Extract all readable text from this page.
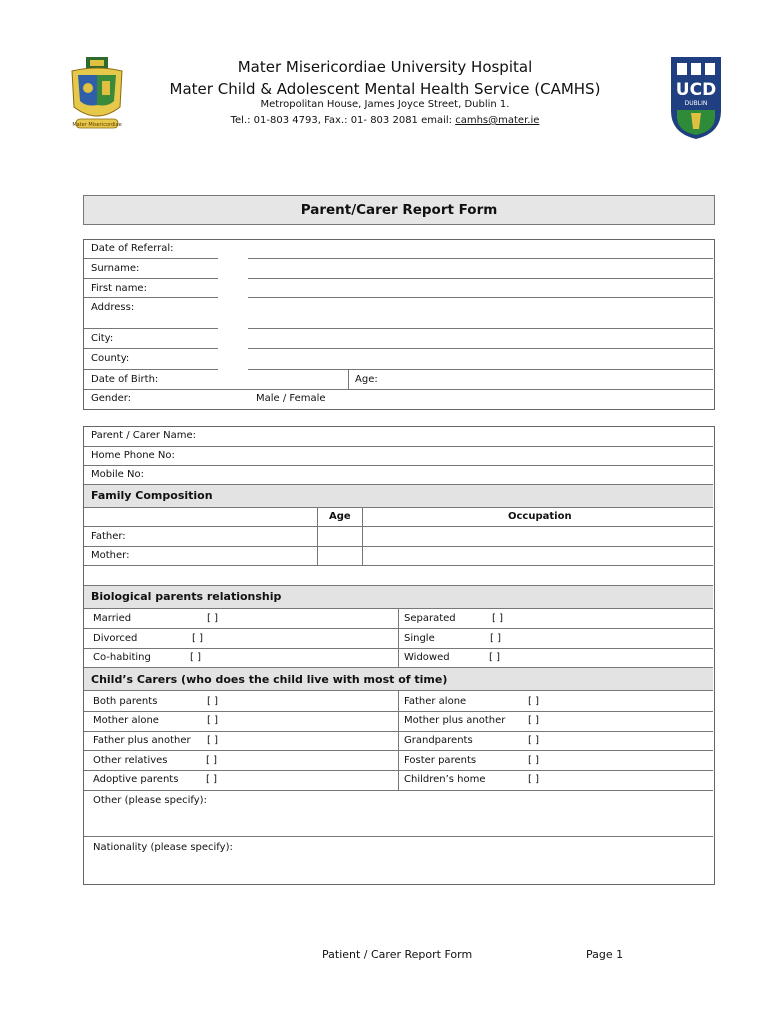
Mater Misericordiae
UCD
DUBLIN
Mater Misericordiae University Hospital
Mater Child & Adolescent Mental Health Service (CAMHS)
Metropolitan House, James Joyce Street, Dublin 1.
Tel.: 01-803 4793, Fax.: 01- 803 2081 email: camhs@mater.ie
Parent/Carer Report Form
Date of Referral:
Surname:
First name:
Address:
City:
County:
Date of Birth:	Age:
Gender:	Male / Female
Parent / Carer Name:
Home Phone No:
Mobile No:
Family Composition
Age	Occupation
Father:
Mother:
Biological parents relationship
Married	[ ]	Separated	[ ]
Divorced	[ ]	Single	[ ]
Co-habiting	[ ]	Widowed	[ ]
Child’s Carers (who does the child live with most of time)
Both parents	[ ]	Father alone	[ ]
Mother alone	[ ]	Mother plus another [ ]
Father plus another [ ]	Grandparents	[ ]
Other relatives	[ ]	Foster parents	[ ]
Adoptive parents	[ ]	Children’s home	[ ]
Other (please specify):
Nationality (please specify):
Patient / Carer Report Form	Page 1
